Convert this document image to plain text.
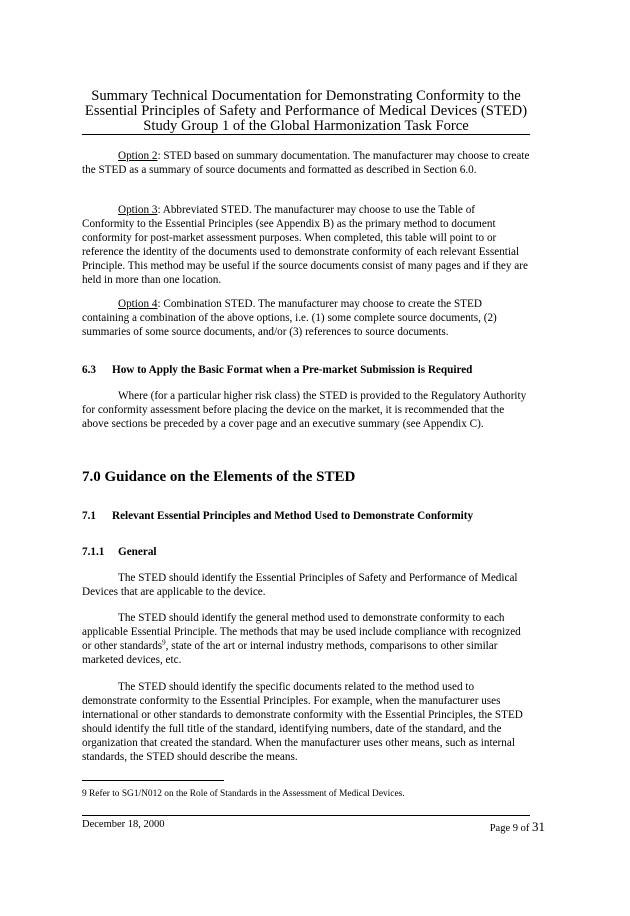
Summary Technical Documentation for Demonstrating Conformity to the
Essential Principles of Safety and Performance of Medical Devices (STED)
Study Group 1 of the Global Harmonization Task Force

Option 2: STED based on summary documentation. The manufacturer may choose to create the STED as a summary of source documents and formatted as described in Section 6.0.

Option 3: Abbreviated STED. The manufacturer may choose to use the Table of Conformity to the Essential Principles (see Appendix B) as the primary method to document conformity for post-market assessment purposes. When completed, this table will point to or reference the identity of the documents used to demonstrate conformity of each relevant Essential Principle. This method may be useful if the source documents consist of many pages and if they are held in more than one location.

Option 4: Combination STED. The manufacturer may choose to create the STED containing a combination of the above options, i.e. (1) some complete source documents, (2) summaries of some source documents, and/or (3) references to source documents.

6.3 How to Apply the Basic Format when a Pre-market Submission is Required

Where (for a particular higher risk class) the STED is provided to the Regulatory Authority for conformity assessment before placing the device on the market, it is recommended that the above sections be preceded by a cover page and an executive summary (see Appendix C).

7.0 Guidance on the Elements of the STED

7.1 Relevant Essential Principles and Method Used to Demonstrate Conformity

7.1.1 General

The STED should identify the Essential Principles of Safety and Performance of Medical Devices that are applicable to the device.

The STED should identify the general method used to demonstrate conformity to each applicable Essential Principle. The methods that may be used include compliance with recognized or other standards$^9$, state of the art or internal industry methods, comparisons to other similar marketed devices, etc.

The STED should identify the specific documents related to the method used to demonstrate conformity to the Essential Principles. For example, when the manufacturer uses international or other standards to demonstrate conformity with the Essential Principles, the STED should identify the full title of the standard, identifying numbers, date of the standard, and the organization that created the standard. When the manufacturer uses other means, such as internal standards, the STED should describe the means.

9 Refer to SG1/N012 on the Role of Standards in the Assessment of Medical Devices.

December 18, 2000	Page 9 of 31
